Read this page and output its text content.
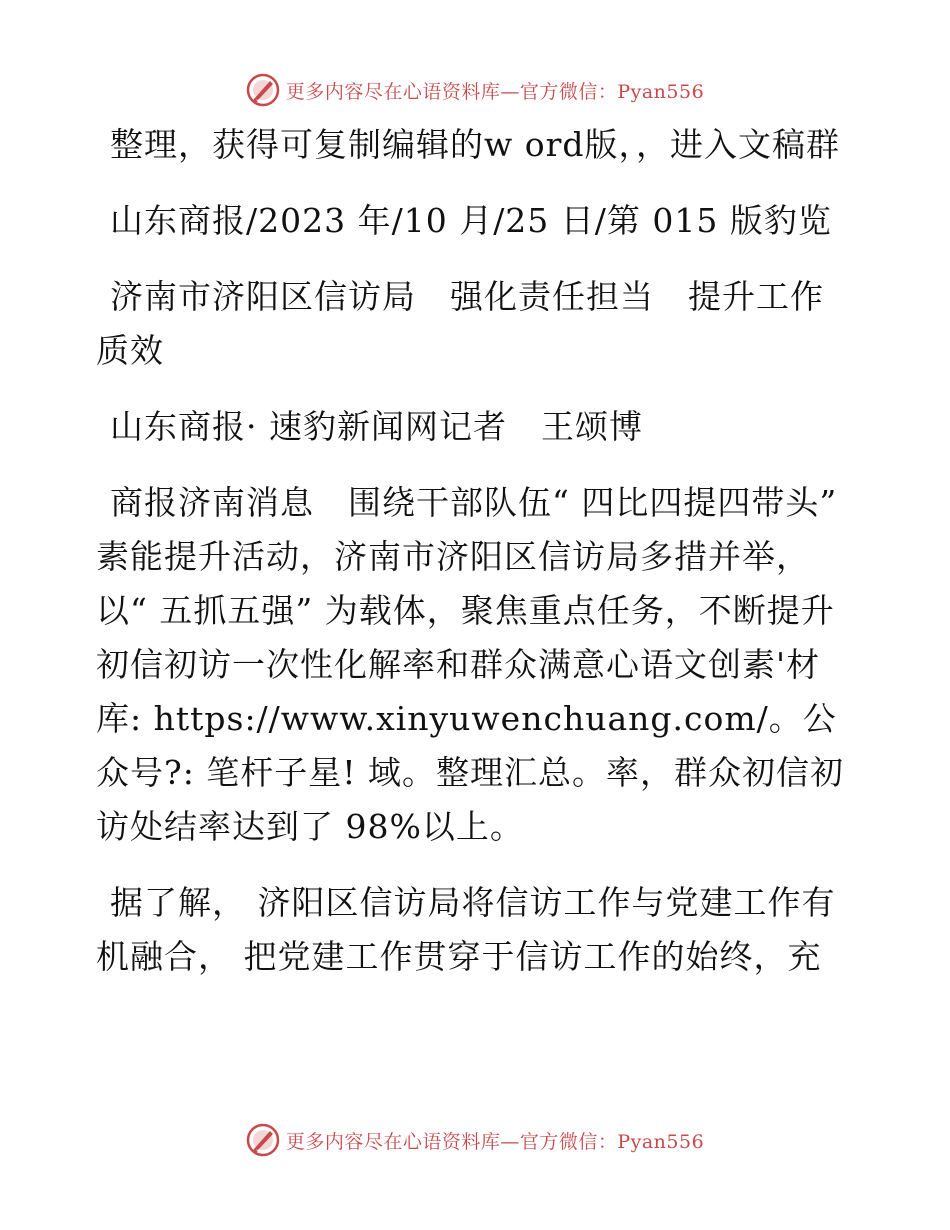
更多内容尽在心语资料库—官方微信：Pyan556

整理，获得可复制编辑的w ord版，，进入文稿群

山东商报/2023 年/10 月/25 日/第 015 版豹览

济南市济阳区信访局　强化责任担当　提升工作质效

山东商报· 速豹新闻网记者　王颂博

商报济南消息　围绕干部队伍“ 四比四提四带头” 素能提升活动，济南市济阳区信访局多措并举，以“ 五抓五强” 为载体，聚焦重点任务，不断提升初信初访一次性化解率和群众满意心语文创素'材库: https://www.xinyuwenchuang.com/。公众号?: 笔杆子星! 域。整理汇总。率，群众初信初访处结率达到了 98%以上。

据了解， 济阳区信访局将信访工作与党建工作有机融合， 把党建工作贯穿于信访工作的始终，充

更多内容尽在心语资料库—官方微信：Pyan556
